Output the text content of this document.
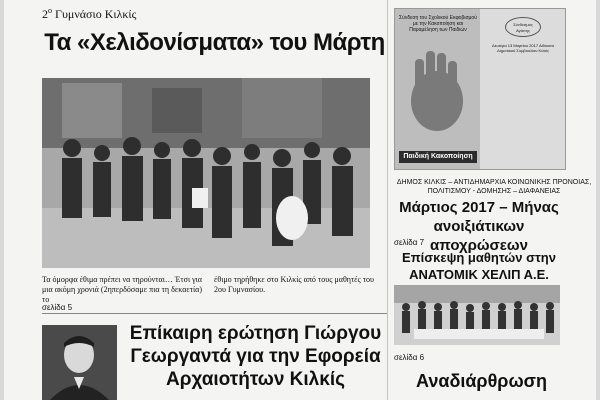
$2^o$ Γυμνάσιο Κιλκίς
Τα «Χελιδονίσματα» του Μάρτη
Τα όμορφα έθιμα πρέπει να τηρούνται… Έτσι για μια ακόμη χρονιά (2ηπερδόσαμε πια τη δεκαετία) το
έθιμο τηρήθηκε στο Κιλκίς από τους μαθητές του 2ου Γυμνασίου.
σελίδα 5
Επίκαιρη ερώτηση Γιώργου Γεωργαντά για την Εφορεία Αρχαιοτήτων Κιλκίς
Σύνδεση του Σχολικού Εκφοβισμού με την Κακοποίηση και Παραμέληση των Παιδιών
Παιδική Κακοποίηση
Σύνδεσμος Αγάπης
Δευτέρα 13 Μαρτίου 2017 Αίθουσα Δημοτικού Συμβουλίου Κιλκίς
ΔΗΜΟΣ ΚΙΛΚΙΣ – ΑΝΤΙΔΗΜΑΡΧΙΑ ΚΟΙΝΩΝΙΚΗΣ ΠΡΟΝΟΙΑΣ, ΠΟΛΙΤΙΣΜΟΥ - ΔΟΜΗΣΗΣ – ΔΙΑΦΑΝΕΙΑΣ
Μάρτιος 2017 – Μήνας ανοιξιάτικων αποχρώσεων
σελίδα 7
Επίσκεψη μαθητών στην ΑΝΑΤΟΜΙΚ ΧΕΛΙΠ Α.Ε.
σελίδα 6
Αναδιάρθρωση
